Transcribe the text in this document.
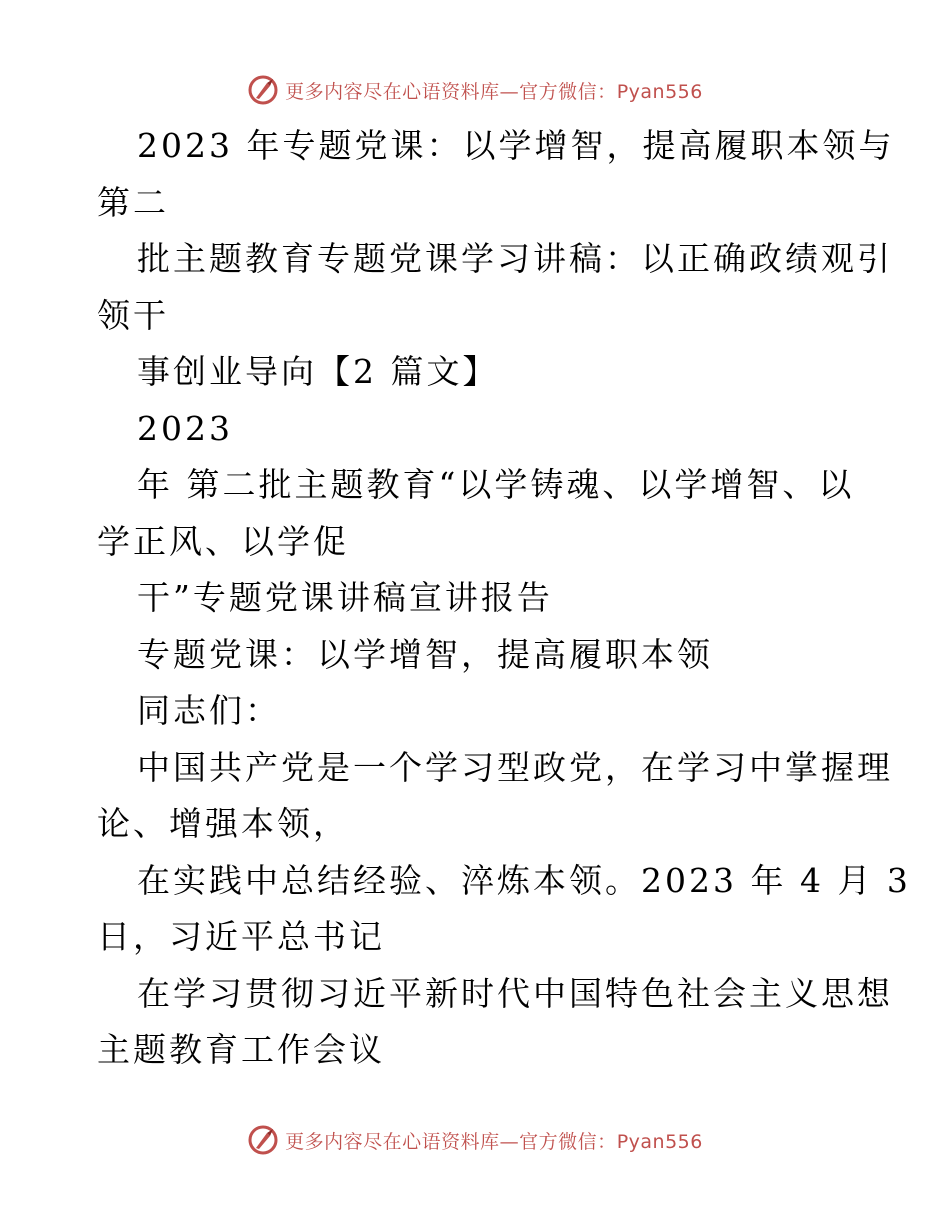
更多内容尽在心语资料库—官方微信：Pyan556
2023 年专题党课：以学增智，提高履职本领与
第二
批主题教育专题党课学习讲稿：以正确政绩观引
领干
事创业导向【2 篇文】
2023
年 第二批主题教育“以学铸魂、以学增智、以
学正风、以学促
干”专题党课讲稿宣讲报告
专题党课：以学增智，提高履职本领
同志们：
中国共产党是一个学习型政党，在学习中掌握理
论、增强本领，
在实践中总结经验、淬炼本领。2023 年 4 月 3
日，习近平总书记
在学习贯彻习近平新时代中国特色社会主义思想
主题教育工作会议
更多内容尽在心语资料库—官方微信：Pyan556
